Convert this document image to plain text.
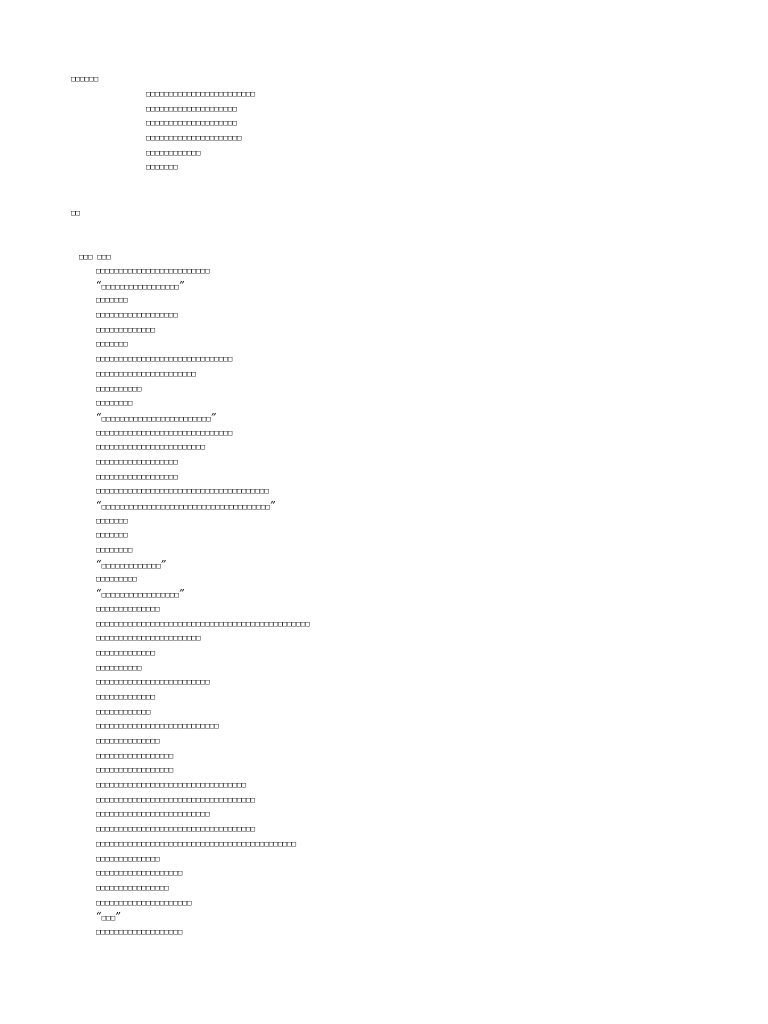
□□□□□□
□□□□□□□□□□□□□□□□□□□□□□□□
□□□□□□□□□□□□□□□□□□□□
□□□□□□□□□□□□□□□□□□□□
□□□□□□□□□□□□□□□□□□□□□
□□□□□□□□□□□□
□□□□□□□
□□
□□□ □□□
□□□□□□□□□□□□□□□□□□□□□□□□□
“□□□□□□□□□□□□□□□□□”
□□□□□□□
□□□□□□□□□□□□□□□□□□
□□□□□□□□□□□□□
□□□□□□□
□□□□□□□□□□□□□□□□□□□□□□□□□□□□□□
□□□□□□□□□□□□□□□□□□□□□□
□□□□□□□□□□
□□□□□□□□
“□□□□□□□□□□□□□□□□□□□□□□□□”
□□□□□□□□□□□□□□□□□□□□□□□□□□□□□□
□□□□□□□□□□□□□□□□□□□□□□□□
□□□□□□□□□□□□□□□□□□
□□□□□□□□□□□□□□□□□□
□□□□□□□□□□□□□□□□□□□□□□□□□□□□□□□□□□□□□□
“□□□□□□□□□□□□□□□□□□□□□□□□□□□□□□□□□□□□□”
□□□□□□□
□□□□□□□
□□□□□□□□
“□□□□□□□□□□□□□”
□□□□□□□□□
“□□□□□□□□□□□□□□□□□”
□□□□□□□□□□□□□□
□□□□□□□□□□□□□□□□□□□□□□□□□□□□□□□□□□□□□□□□□□□□□□□
□□□□□□□□□□□□□□□□□□□□□□□
□□□□□□□□□□□□□
□□□□□□□□□□
□□□□□□□□□□□□□□□□□□□□□□□□□
□□□□□□□□□□□□□
□□□□□□□□□□□□
□□□□□□□□□□□□□□□□□□□□□□□□□□□
□□□□□□□□□□□□□□
□□□□□□□□□□□□□□□□□
□□□□□□□□□□□□□□□□□
□□□□□□□□□□□□□□□□□□□□□□□□□□□□□□□□□
□□□□□□□□□□□□□□□□□□□□□□□□□□□□□□□□□□□
□□□□□□□□□□□□□□□□□□□□□□□□□
□□□□□□□□□□□□□□□□□□□□□□□□□□□□□□□□□□□
□□□□□□□□□□□□□□□□□□□□□□□□□□□□□□□□□□□□□□□□□□□□
□□□□□□□□□□□□□□
□□□□□□□□□□□□□□□□□□□
□□□□□□□□□□□□□□□□
□□□□□□□□□□□□□□□□□□□□□
“□□□”
□□□□□□□□□□□□□□□□□□□
